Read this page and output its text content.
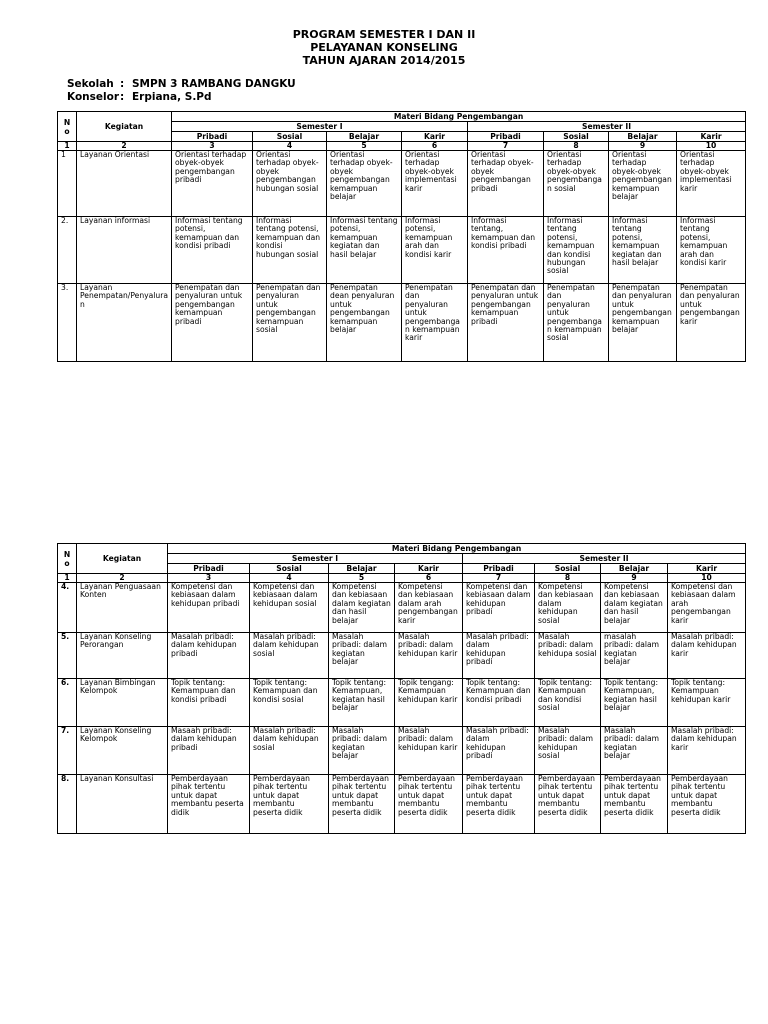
PROGRAM SEMESTER I DAN II
PELAYANAN KONSELING
TAHUN AJARAN 2014/2015
Sekolah : SMPN 3 RAMBANG DANGKU
Konselor: Erpiana, S.Pd
N o	Kegiatan	Materi Bidang Pengembangan							
		Semester I				Semester II			
		Pribadi	Sosial	Belajar	Karir	Pribadi	Sosial	Belajar	Karir
1	2	3	4	5	6	7	8	9	10
1	Layanan Orientasi	Orientasi terhadap obyek-obyek pengembangan pribadi	Orientasi terhadap obyek-obyek pengembangan hubungan sosial	Orientasi terhadap obyek-obyek pengembangan kemampuan belajar	Orientasi terhadap obyek-obyek implementasi karir	Orientasi terhadap obyek-obyek pengembangan pribadi	Orientasi terhadap obyek-obyek pengembangan sosial	Orientasi terhadap obyek-obyek pengembangan kemampuan belajar	Orientasi terhadap obyek-obyek implementasi karir
2.	Layanan informasi	Informasi tentang potensi, kemampuan dan kondisi pribadi	Informasi tentang potensi, kemampuan dan kondisi hubungan sosial	Informasi tentang potensi, kemampuan kegiatan dan hasil belajar	Informasi potensi, kemampuan arah dan kondisi karir	Informasi tentang, kemampuan dan kondisi pribadi	Informasi tentang potensi, kemampuan dan kondisi hubungan sosial	Informasi tentang potensi, kemampuan kegiatan dan hasil belajar	Informasi tentang potensi, kemampuan arah dan kondisi karir
3.	Layanan Penempatan/Penyaluran	Penempatan dan penyaluran untuk pengembangan kemampuan pribadi	Penempatan dan penyaluran untuk pengembangan kemampuan sosial	Penempatan dean penyaluran untuk pengembangan kemampuan belajar	Penempatan dan penyaluran untuk pengembangan kemampuan karir	Penempatan dan penyaluran untuk pengembangan kemampuan pribadi	Penempatan dan penyaluran untuk pengembangan kemampuan sosial	Penempatan dan penyaluran untuk pengembangan kemampuan belajar	Penempatan dan penyaluran untuk pengembangan karir
N o	Kegiatan	Materi Bidang Pengembangan							
		Semester I				Semester II			
		Pribadi	Sosial	Belajar	Karir	Pribadi	Sosial	Belajar	Karir
1	2	3	4	5	6	7	8	9	10
4.	Layanan Penguasaan Konten	Kompetensi dan kebiasaan dalam kehidupan pribadi	Kompetensi dan kebiasaan dalam kehidupan sosial	Kompetensi dan kebiasaan dalam kegiatan dan hasil belajar	Kompetensi dan kebiasaan dalam arah pengembangan karir	Kompetensi dan kebiasaan dalam kehidupan pribadi	Kompetensi dan kebiasaan dalam kehidupan sosial	Kompetensi dan kebiasaan dalam kegiatan dan hasil belajar	Kompetensi dan kebiasaan dalam arah pengembangan karir
5.	Layanan Konseling Perorangan	Masalah pribadi: dalam kehidupan pribadi	Masalah pribadi: dalam kehidupan sosial	Masalah pribadi: dalam kegiatan belajar	Masalah pribadi: dalam kehidupan karir	Masalah pribadi: dalam kehidupan pribadi	Masalah pribadi: dalam kehidupa sosial	masalah pribadi: dalam kegiatan belajar	Masalah pribadi: dalam kehidupan karir
6.	Layanan Bimbingan Kelompok	Topik tentang: Kemampuan dan kondisi pribadi	Topik tentang: Kemampuan dan kondisi sosial	Topik tentang: Kemampuan, kegiatan hasil belajar	Topik tengang: Kemampuan kehidupan karir	Topik tentang: Kemampuan dan kondisi pribadi	Topik tentang: Kemampuan dan kondisi sosial	Topik tentang: Kemampuan, kegiatan hasil belajar	Topik tentang: Kemampuan kehidupan karir
7.	Layanan Konseling Kelompok	Masaah pribadi: dalam kehidupan pribadi	Masalah pribadi: dalam kehidupan sosial	Masalah pribadi: dalam kegiatan belajar	Masalah pribadi: dalam kehidupan karir	Masalah pribadi: dalam kehidupan pribadi	Masalah pribadi: dalam kehidupan sosial	Masalah pribadi: dalam kegiatan belajar	Masalah pribadi: dalam kehidupan karir
8.	Layanan Konsultasi	Pemberdayaan pihak tertentu untuk dapat membantu peserta didik	Pemberdayaan pihak tertentu untuk dapat membantu peserta didik	Pemberdayaan pihak tertentu untuk dapat membantu peserta didik	Pemberdayaan pihak tertentu untuk dapat membantu peserta didik	Pemberdayaan pihak tertentu untuk dapat membantu peserta didik	Pemberdayaan pihak tertentu untuk dapat membantu peserta didik	Pemberdayaan pihak tertentu untuk dapat membantu peserta didik	Pemberdayaan pihak tertentu untuk dapat membantu peserta didik
